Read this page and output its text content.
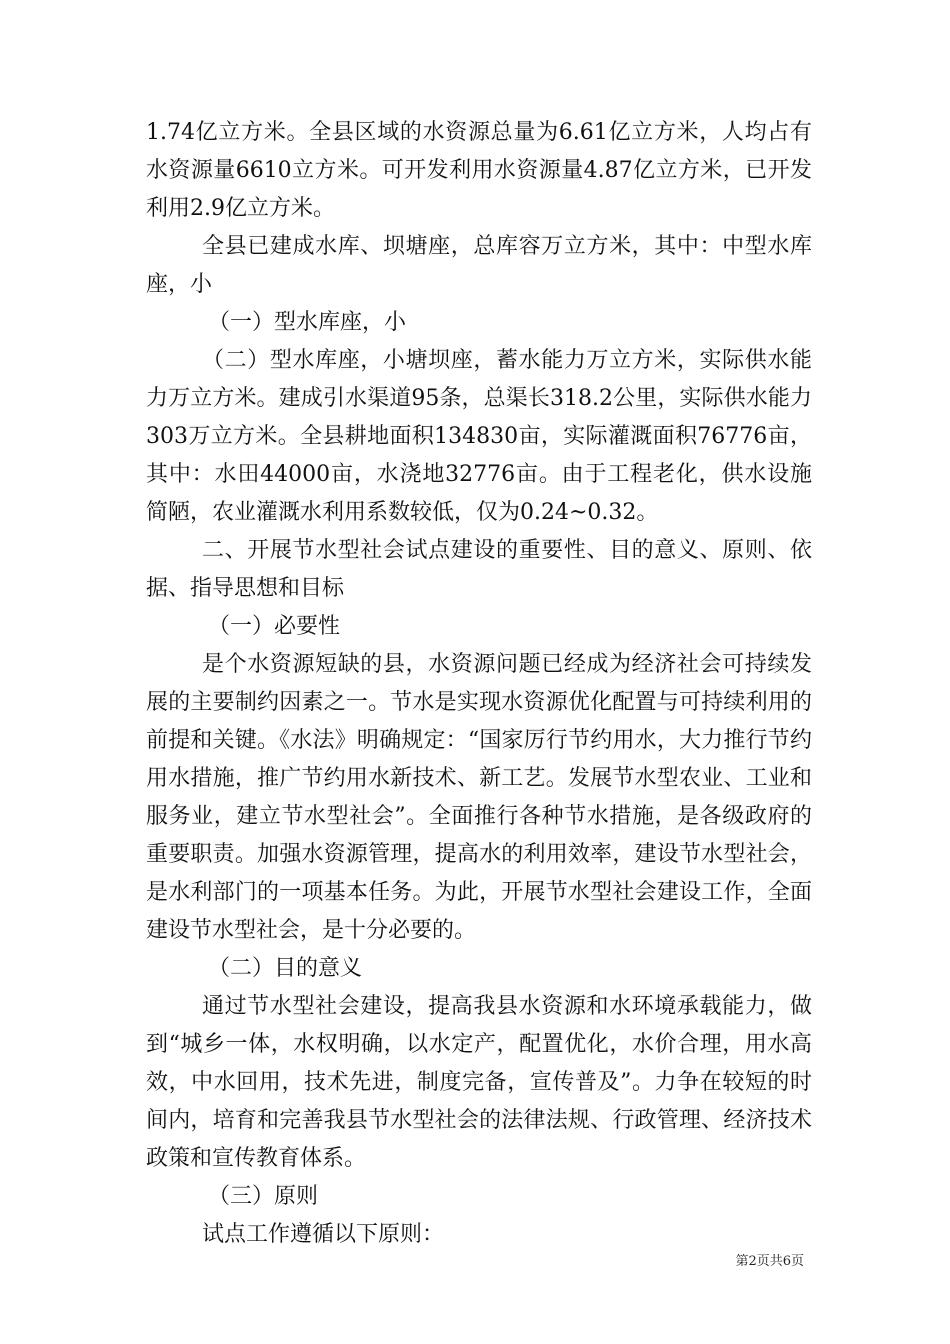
1.74亿立方米。全县区域的水资源总量为6.61亿立方米，人均占有水资源量6610立方米。可开发利用水资源量4.87亿立方米，已开发利用2.9亿立方米。

全县已建成水库、坝塘座，总库容万立方米，其中：中型水库座，小

（一）型水库座，小

（二）型水库座，小塘坝座，蓄水能力万立方米，实际供水能力万立方米。建成引水渠道95条，总渠长318.2公里，实际供水能力303万立方米。全县耕地面积134830亩，实际灌溉面积76776亩，其中：水田44000亩，水浇地32776亩。由于工程老化，供水设施简陋，农业灌溉水利用系数较低，仅为0.24~0.32。

二、开展节水型社会试点建设的重要性、目的意义、原则、依据、指导思想和目标

（一）必要性

是个水资源短缺的县，水资源问题已经成为经济社会可持续发展的主要制约因素之一。节水是实现水资源优化配置与可持续利用的前提和关键。《水法》明确规定：“国家厉行节约用水，大力推行节约用水措施，推广节约用水新技术、新工艺。发展节水型农业、工业和服务业，建立节水型社会”。全面推行各种节水措施，是各级政府的重要职责。加强水资源管理，提高水的利用效率，建设节水型社会，是水利部门的一项基本任务。为此，开展节水型社会建设工作，全面建设节水型社会，是十分必要的。

（二）目的意义

通过节水型社会建设，提高我县水资源和水环境承载能力，做到“城乡一体，水权明确，以水定产，配置优化，水价合理，用水高效，中水回用，技术先进，制度完备，宣传普及”。力争在较短的时间内，培育和完善我县节水型社会的法律法规、行政管理、经济技术政策和宣传教育体系。

（三）原则

试点工作遵循以下原则：

第2页共6页
